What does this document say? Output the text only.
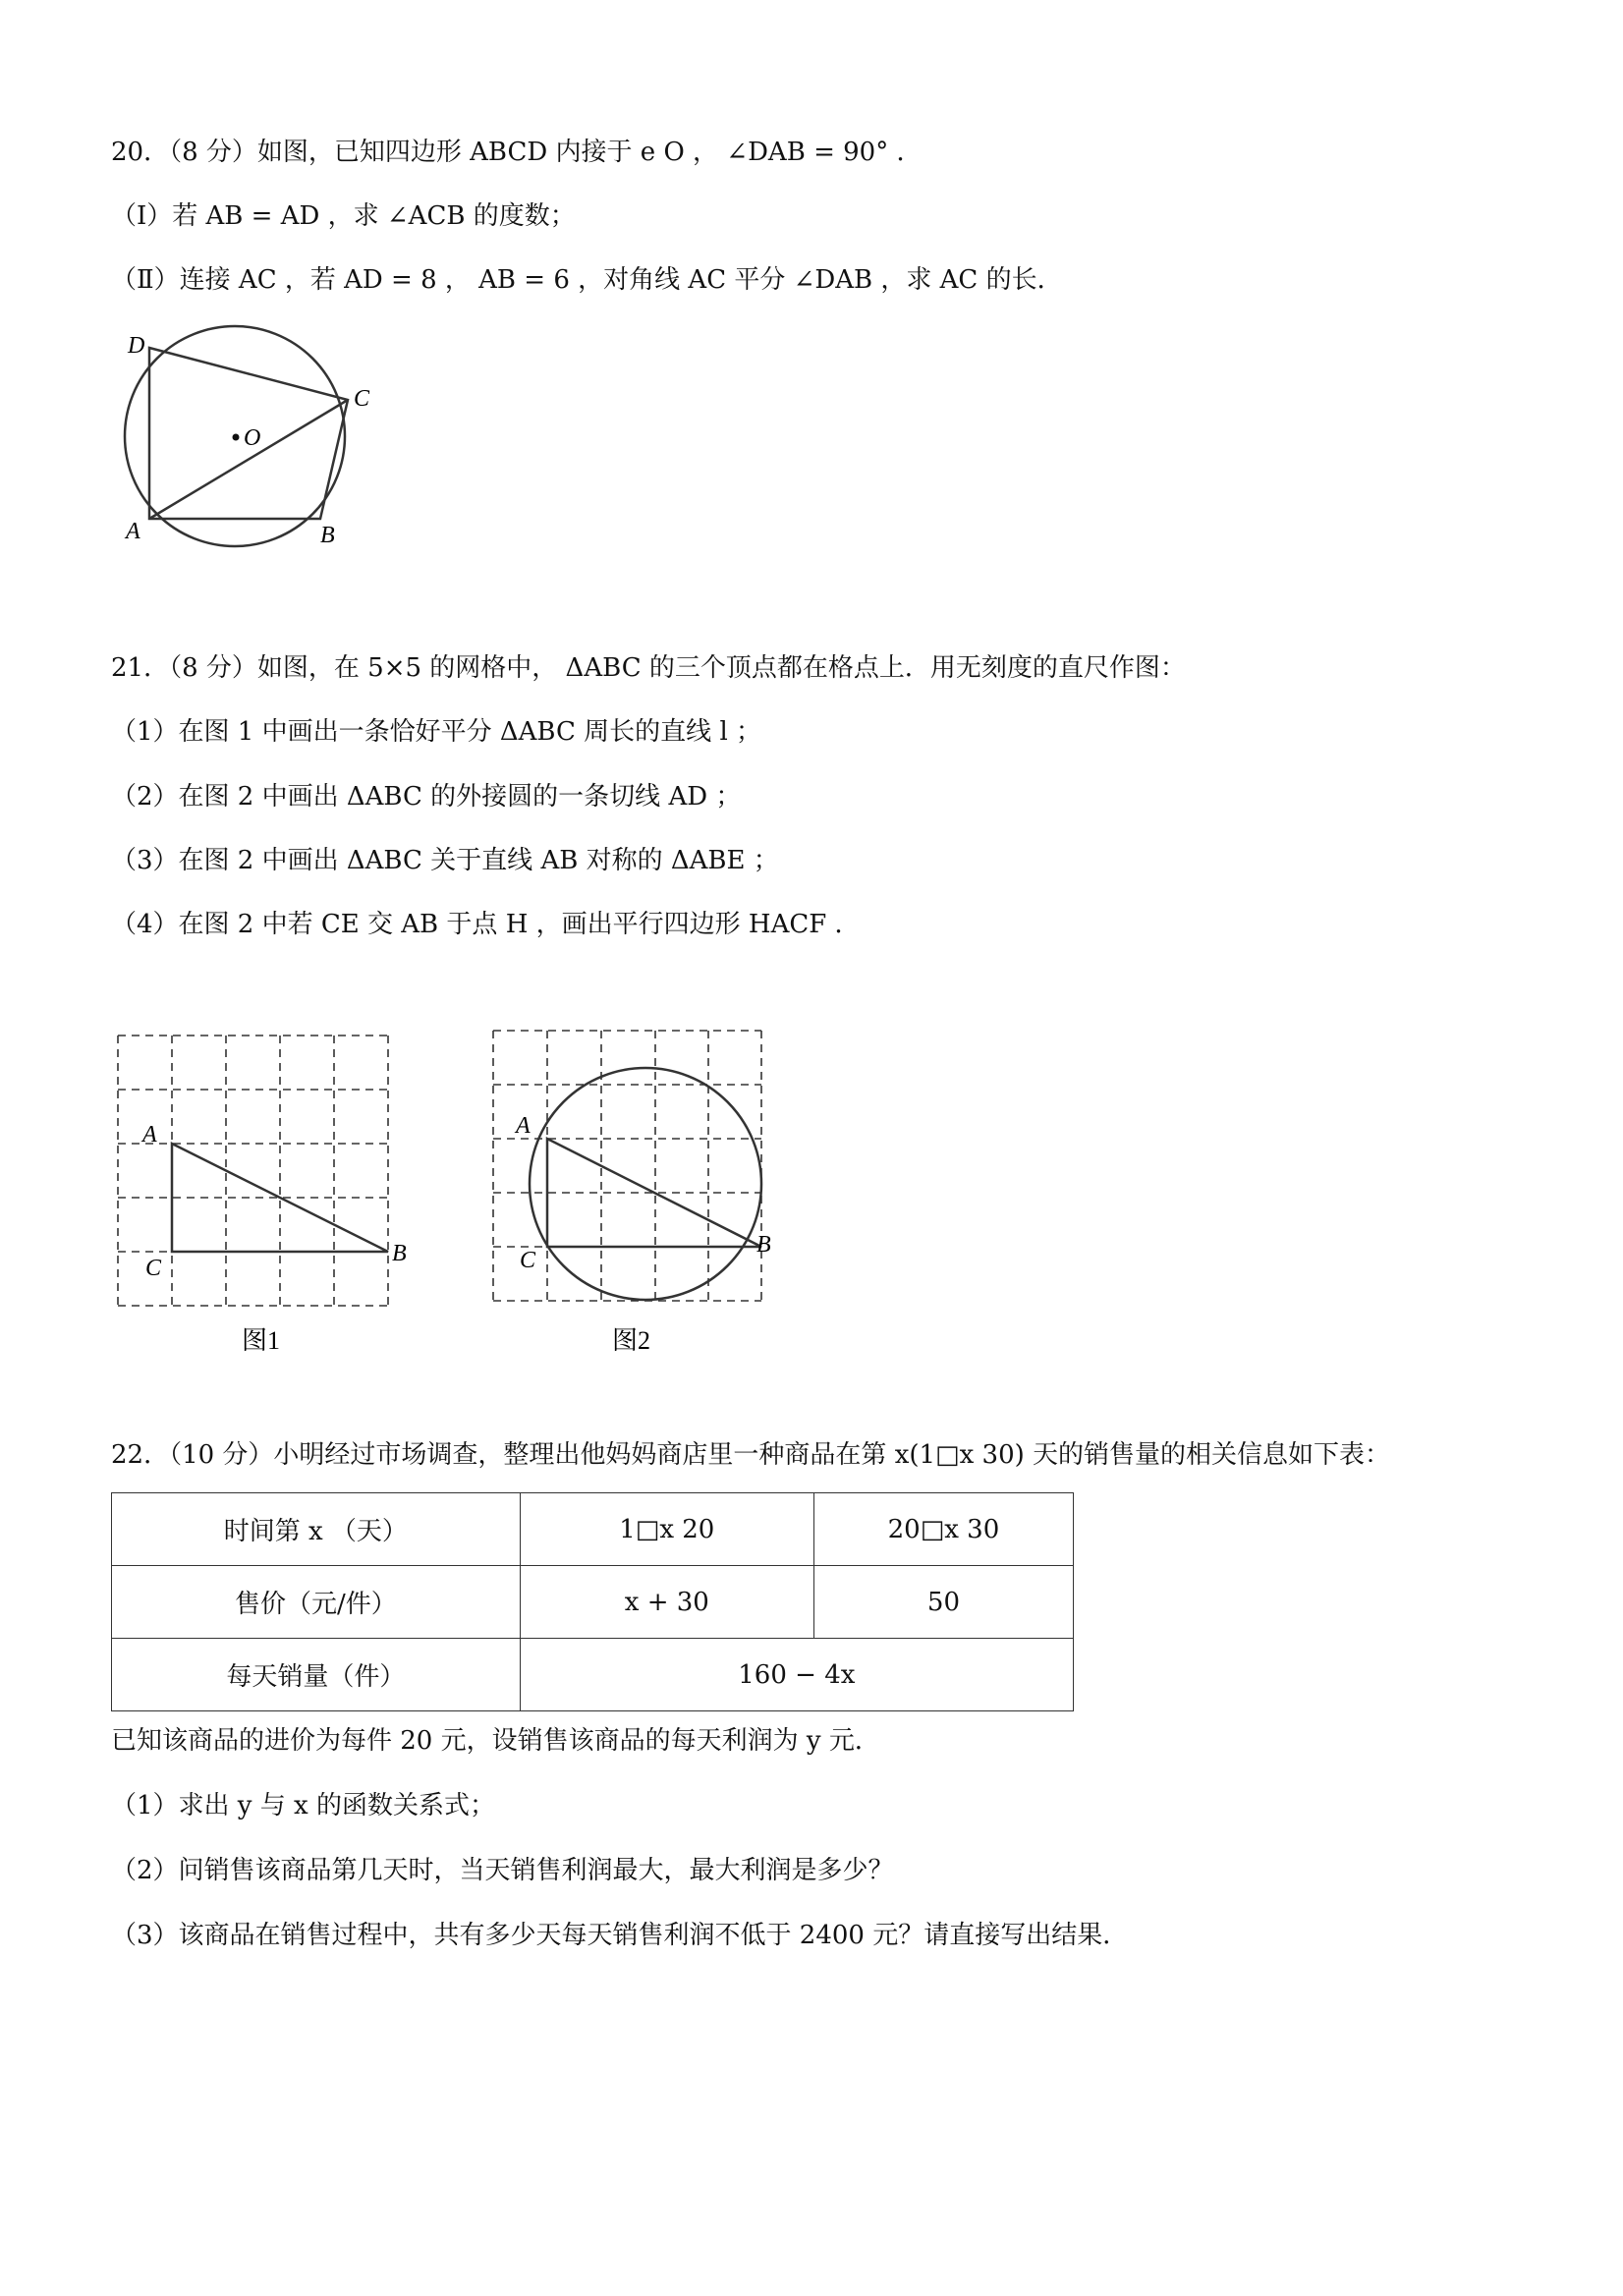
20．（8 分）如图，已知四边形 ABCD 内接于 e O ， ∠DAB = 90° ．
（Ⅰ）若 AB = AD ，求 ∠ACB 的度数；
（Ⅱ）连接 AC ，若 AD = 8 ， AB = 6 ，对角线 AC 平分 ∠DAB ，求 AC 的长．
D
C
O
A	B
21．（8 分）如图，在 5×5 的网格中， ΔABC 的三个顶点都在格点上．用无刻度的直尺作图：
（1）在图 1 中画出一条恰好平分 ΔABC 周长的直线 l ；
（2）在图 2 中画出 ΔABC 的外接圆的一条切线 AD ；
（3）在图 2 中画出 ΔABC 关于直线 AB 对称的 ΔABE ；
（4）在图 2 中若 CE 交 AB 于点 H ，画出平行四边形 HACF ．
A
C
B
图1
A
C
B
图2
22．（10 分）小明经过市场调查，整理出他妈妈商店里一种商品在第 x(1□x 30) 天的销售量的相关信息如下表：
时间第 x （天）	1□x 20	20□x 30
售价（元/件）	x + 30	50
每天销量（件）	160 − 4x	
已知该商品的进价为每件 20 元，设销售该商品的每天利润为 y 元．
（1）求出 y 与 x 的函数关系式；
（2）问销售该商品第几天时，当天销售利润最大，最大利润是多少？
（3）该商品在销售过程中，共有多少天每天销售利润不低于 2400 元？请直接写出结果．
